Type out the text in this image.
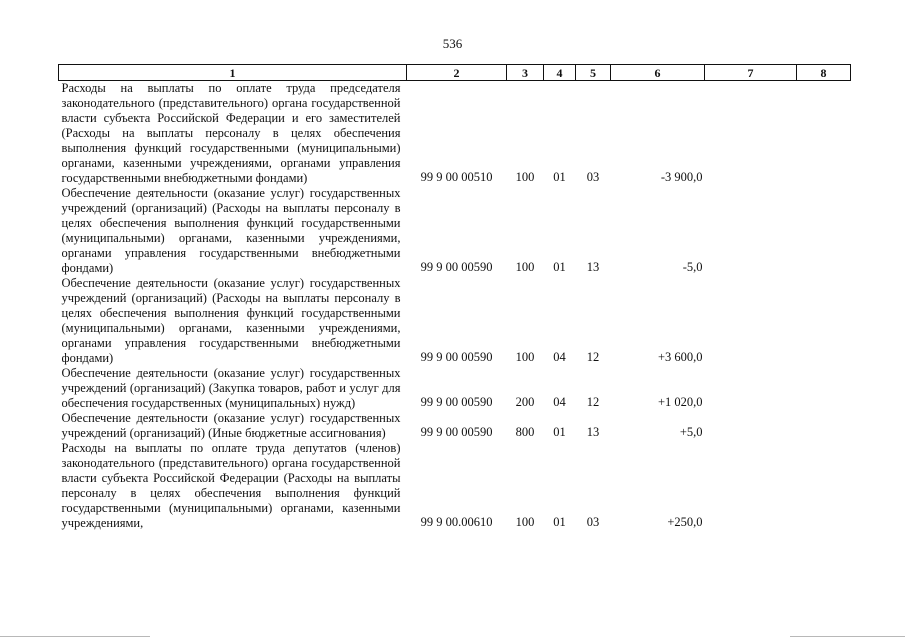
536
1	2	3	4	5	6	7	8
Расходы на выплаты по оплате труда председателя законодательного (представительного) органа государственной власти субъекта Российской Федерации и его заместителей (Расходы на выплаты персоналу в целях обеспечения выполнения функций государственными (муниципальными) органами, казенными учреждениями, органами управления государственными внебюджетными фондами)	99 9 00 00510	100	01	03	-3 900,0		
Обеспечение деятельности (оказание услуг) государственных учреждений (организаций) (Расходы на выплаты персоналу в целях обеспечения выполнения функций государственными (муниципальными) органами, казенными учреждениями, органами управления государственными внебюджетными фондами)	99 9 00 00590	100	01	13	-5,0		
Обеспечение деятельности (оказание услуг) государственных учреждений (организаций) (Расходы на выплаты персоналу в целях обеспечения выполнения функций государственными (муниципальными) органами, казенными учреждениями, органами управления государственными внебюджетными фондами)	99 9 00 00590	100	04	12	+3 600,0		
Обеспечение деятельности (оказание услуг) государственных учреждений (организаций) (Закупка товаров, работ и услуг для обеспечения государственных (муниципальных) нужд)	99 9 00 00590	200	04	12	+1 020,0		
Обеспечение деятельности (оказание услуг) государственных учреждений (организаций) (Иные бюджетные ассигнования)	99 9 00 00590	800	01	13	+5,0		
Расходы на выплаты по оплате труда депутатов (членов) законодательного (представительного) органа государственной власти субъекта Российской Федерации (Расходы на выплаты персоналу в целях обеспечения выполнения функций государственными (муниципальными) органами, казенными учреждениями,	99 9 00.00610	100	01	03	+250,0		
